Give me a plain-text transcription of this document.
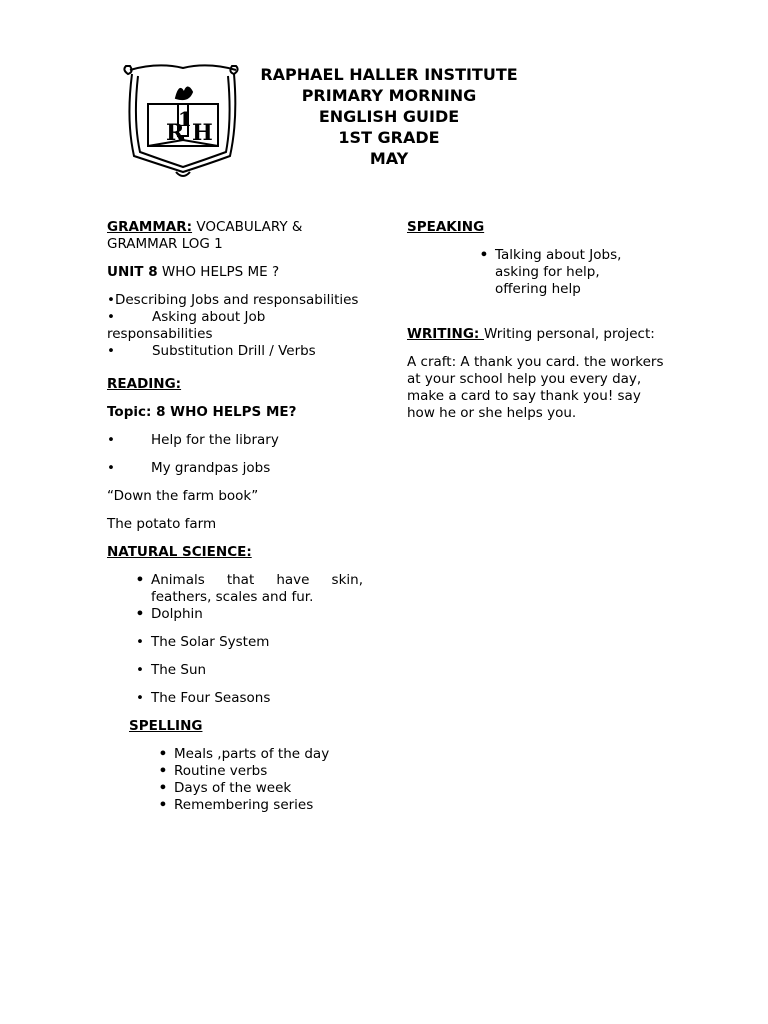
R
1
H
RAPHAEL HALLER INSTITUTE
PRIMARY MORNING
ENGLISH GUIDE
1ST GRADE
MAY

GRAMMAR: VOCABULARY & GRAMMAR LOG 1

UNIT 8 WHO HELPS ME ?

•Describing Jobs and responsabilities

•	Asking about Job responsabilities

•	Substitution Drill / Verbs

READING:

Topic: 8 WHO HELPS ME?

•	Help for the library
•	My grandpas jobs

“Down the farm book”

The potato farm

NATURAL SCIENCE:

• Animals that have skin, feathers, scales and fur.
• Dolphin
• The Solar System
• The Sun
• The Four Seasons

SPELLING

• Meals ,parts of the day
• Routine verbs
• Days of the week
• Remembering series

SPEAKING

• Talking about Jobs, asking for help, offering help

WRITING: Writing personal, project:

A craft: A thank you card. the workers at your school help you every day, make a card to say thank you! say how he or she helps you.
